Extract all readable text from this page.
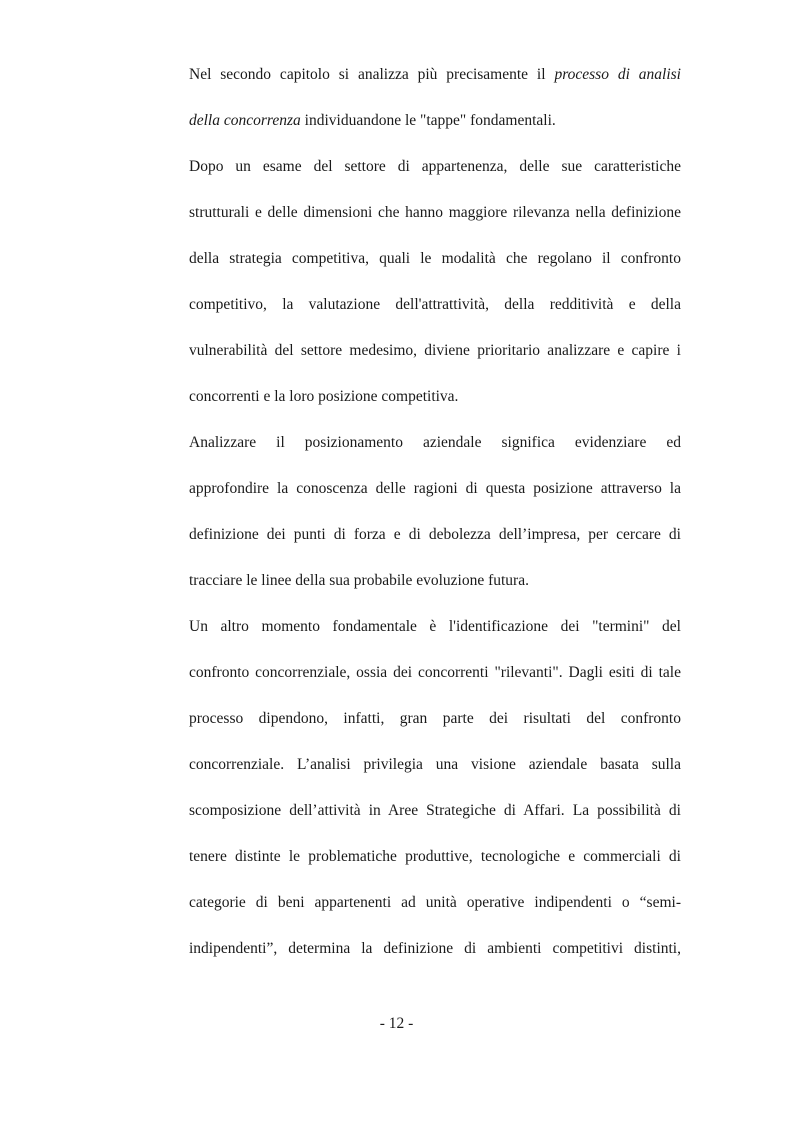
Nel secondo capitolo si analizza più precisamente il processo di analisi
della concorrenza individuandone le "tappe" fondamentali.
Dopo un esame del settore di appartenenza, delle sue caratteristiche
strutturali e delle dimensioni che hanno maggiore rilevanza nella definizione
della strategia competitiva, quali le modalità che regolano il confronto
competitivo, la valutazione dell'attrattività, della redditività e della
vulnerabilità del settore medesimo, diviene prioritario analizzare e capire i
concorrenti e la loro posizione competitiva.
Analizzare il posizionamento aziendale significa evidenziare ed
approfondire la conoscenza delle ragioni di questa posizione attraverso la
definizione dei punti di forza e di debolezza dell’impresa, per cercare di
tracciare le linee della sua probabile evoluzione futura.
Un altro momento fondamentale è l'identificazione dei "termini" del
confronto concorrenziale, ossia dei concorrenti "rilevanti". Dagli esiti di tale
processo dipendono, infatti, gran parte dei risultati del confronto
concorrenziale. L’analisi privilegia una visione aziendale basata sulla
scomposizione dell’attività in Aree Strategiche di Affari. La possibilità di
tenere distinte le problematiche produttive, tecnologiche e commerciali di
categorie di beni appartenenti ad unità operative indipendenti o “semi-
indipendenti”, determina la definizione di ambienti competitivi distinti,
- 12 -
